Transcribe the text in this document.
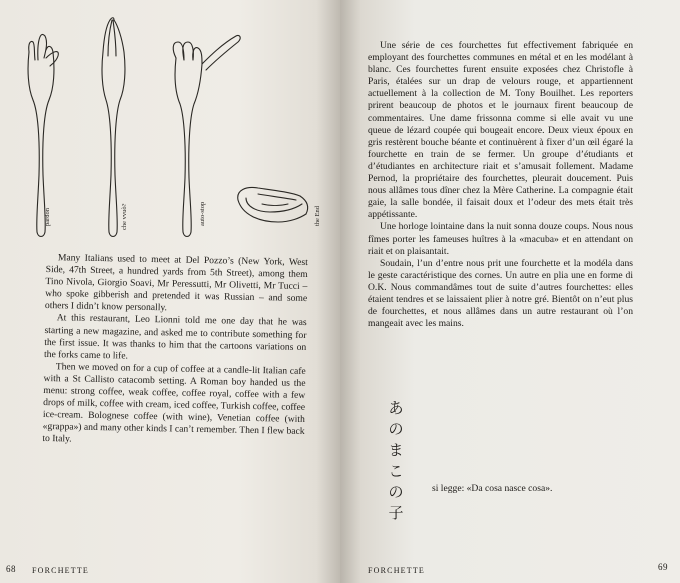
pardon	che vvuò?	auto-stop	the End

Many Italians used to meet at Del Pozzo’s (New York, West Side, 47th Street, a hundred yards from 5th Street), among them Tino Nivola, Giorgio Soavi, Mr Peressutti, Mr Olivetti, Mr Tucci – who spoke gibberish and pretended it was Russian – and some others I didn’t know personally.

At this restaurant, Leo Lionni told me one day that he was starting a new magazine, and asked me to contribute something for the first issue. It was thanks to him that the cartoons variations on the forks came to life.

Then we moved on for a cup of coffee at a candle-lit Italian cafe with a St Callisto catacomb setting. A Roman boy handed us the menu: strong coffee, weak coffee, coffee royal, coffee with a few drops of milk, coffee with cream, iced coffee, Turkish coffee, coffee ice-cream. Bolognese coffee (with wine), Venetian coffee (with «grappa») and many other kinds I can’t remember. Then I flew back to Italy.

68 FORCHETTE

Une série de ces fourchettes fut effectivement fabriquée en employant des fourchettes communes en métal et en les modélant à blanc. Ces fourchettes furent ensuite exposées chez Christofle à Paris, étalées sur un drap de velours rouge, et appartiennent actuellement à la collection de M. Tony Bouilhet. Les reporters prirent beaucoup de photos et le journaux firent beaucoup de commentaires. Une dame frissonna comme si elle avait vu une queue de lézard coupée qui bougeait encore. Deux vieux époux en gris restèrent bouche béante et continuèrent à fixer d’un œil égaré la fourchette en train de se fermer. Un groupe d’étudiants et d’étudiantes en architecture riait et s’amusait follement. Madame Pernod, la propriétaire des fourchettes, pleurait doucement. Puis nous allâmes tous dîner chez la Mère Catherine. La compagnie était gaie, la salle bondée, il faisait doux et l’odeur des mets était très appétissante.

Une horloge lointaine dans la nuit sonna douze coups. Nous nous fîmes porter les fameuses huîtres à la «macuba» et en attendant on riait et on plaisantait.

Soudain, l’un d’entre nous prit une fourchette et la modéla dans le geste caractéristique des cornes. Un autre en plia une en forme di O.K. Nous commandâmes tout de suite d’autres fourchettes: elles étaient tendres et se laissaient plier à notre gré. Bientôt on n’eut plus de fourchettes, et nous allâmes dans un autre restaurant où l’on mangeait avec les mains.

あ
の
ま
こ
の
子
si legge: «Da cosa nasce cosa».
FORCHETTE	69
